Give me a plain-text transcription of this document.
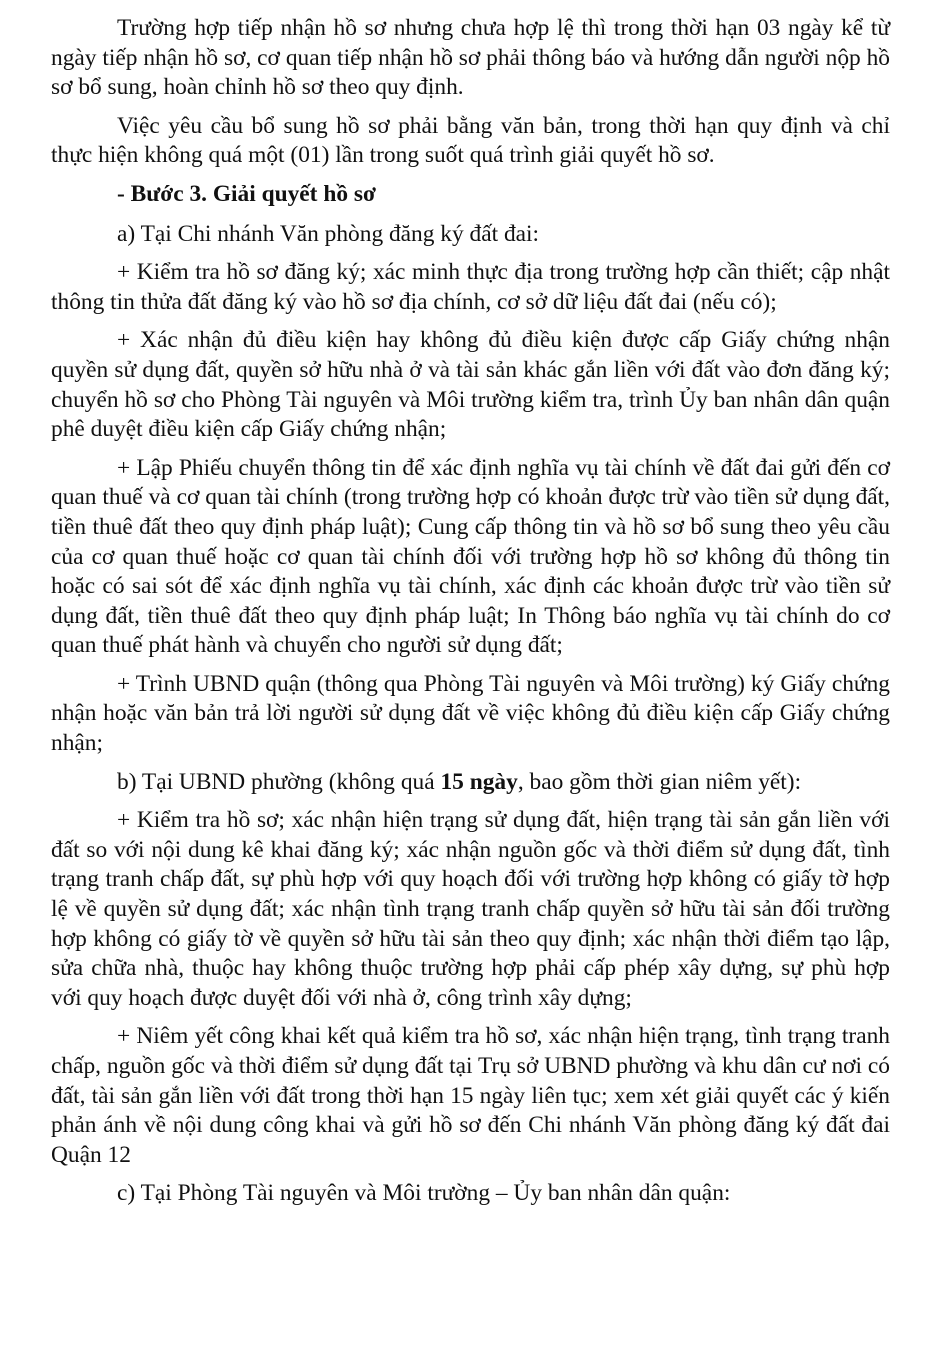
Trường hợp tiếp nhận hồ sơ nhưng chưa hợp lệ thì trong thời hạn 03 ngày kể từ ngày tiếp nhận hồ sơ, cơ quan tiếp nhận hồ sơ phải thông báo và hướng dẫn người nộp hồ sơ bổ sung, hoàn chỉnh hồ sơ theo quy định.

Việc yêu cầu bổ sung hồ sơ phải bằng văn bản, trong thời hạn quy định và chỉ thực hiện không quá một (01) lần trong suốt quá trình giải quyết hồ sơ.

- Bước 3. Giải quyết hồ sơ

a) Tại Chi nhánh Văn phòng đăng ký đất đai:

+ Kiểm tra hồ sơ đăng ký; xác minh thực địa trong trường hợp cần thiết; cập nhật thông tin thửa đất đăng ký vào hồ sơ địa chính, cơ sở dữ liệu đất đai (nếu có);

+ Xác nhận đủ điều kiện hay không đủ điều kiện được cấp Giấy chứng nhận quyền sử dụng đất, quyền sở hữu nhà ở và tài sản khác gắn liền với đất vào đơn đăng ký; chuyển hồ sơ cho Phòng Tài nguyên và Môi trường kiểm tra, trình Ủy ban nhân dân quận phê duyệt điều kiện cấp Giấy chứng nhận;

+ Lập Phiếu chuyển thông tin để xác định nghĩa vụ tài chính về đất đai gửi đến cơ quan thuế và cơ quan tài chính (trong trường hợp có khoản được trừ vào tiền sử dụng đất, tiền thuê đất theo quy định pháp luật); Cung cấp thông tin và hồ sơ bổ sung theo yêu cầu của cơ quan thuế hoặc cơ quan tài chính đối với trường hợp hồ sơ không đủ thông tin hoặc có sai sót để xác định nghĩa vụ tài chính, xác định các khoản được trừ vào tiền sử dụng đất, tiền thuê đất theo quy định pháp luật; In Thông báo nghĩa vụ tài chính do cơ quan thuế phát hành và chuyển cho người sử dụng đất;

+ Trình UBND quận (thông qua Phòng Tài nguyên và Môi trường) ký Giấy chứng nhận hoặc văn bản trả lời người sử dụng đất về việc không đủ điều kiện cấp Giấy chứng nhận;

b) Tại UBND phường (không quá 15 ngày, bao gồm thời gian niêm yết):

+ Kiểm tra hồ sơ; xác nhận hiện trạng sử dụng đất, hiện trạng tài sản gắn liền với đất so với nội dung kê khai đăng ký; xác nhận nguồn gốc và thời điểm sử dụng đất, tình trạng tranh chấp đất, sự phù hợp với quy hoạch đối với trường hợp không có giấy tờ hợp lệ về quyền sử dụng đất; xác nhận tình trạng tranh chấp quyền sở hữu tài sản đối trường hợp không có giấy tờ về quyền sở hữu tài sản theo quy định; xác nhận thời điểm tạo lập, sửa chữa nhà, thuộc hay không thuộc trường hợp phải cấp phép xây dựng, sự phù hợp với quy hoạch được duyệt đối với nhà ở, công trình xây dựng;

+ Niêm yết công khai kết quả kiểm tra hồ sơ, xác nhận hiện trạng, tình trạng tranh chấp, nguồn gốc và thời điểm sử dụng đất tại Trụ sở UBND phường và khu dân cư nơi có đất, tài sản gắn liền với đất trong thời hạn 15 ngày liên tục; xem xét giải quyết các ý kiến phản ánh về nội dung công khai và gửi hồ sơ đến Chi nhánh Văn phòng đăng ký đất đai Quận 12

c) Tại Phòng Tài nguyên và Môi trường – Ủy ban nhân dân quận:
